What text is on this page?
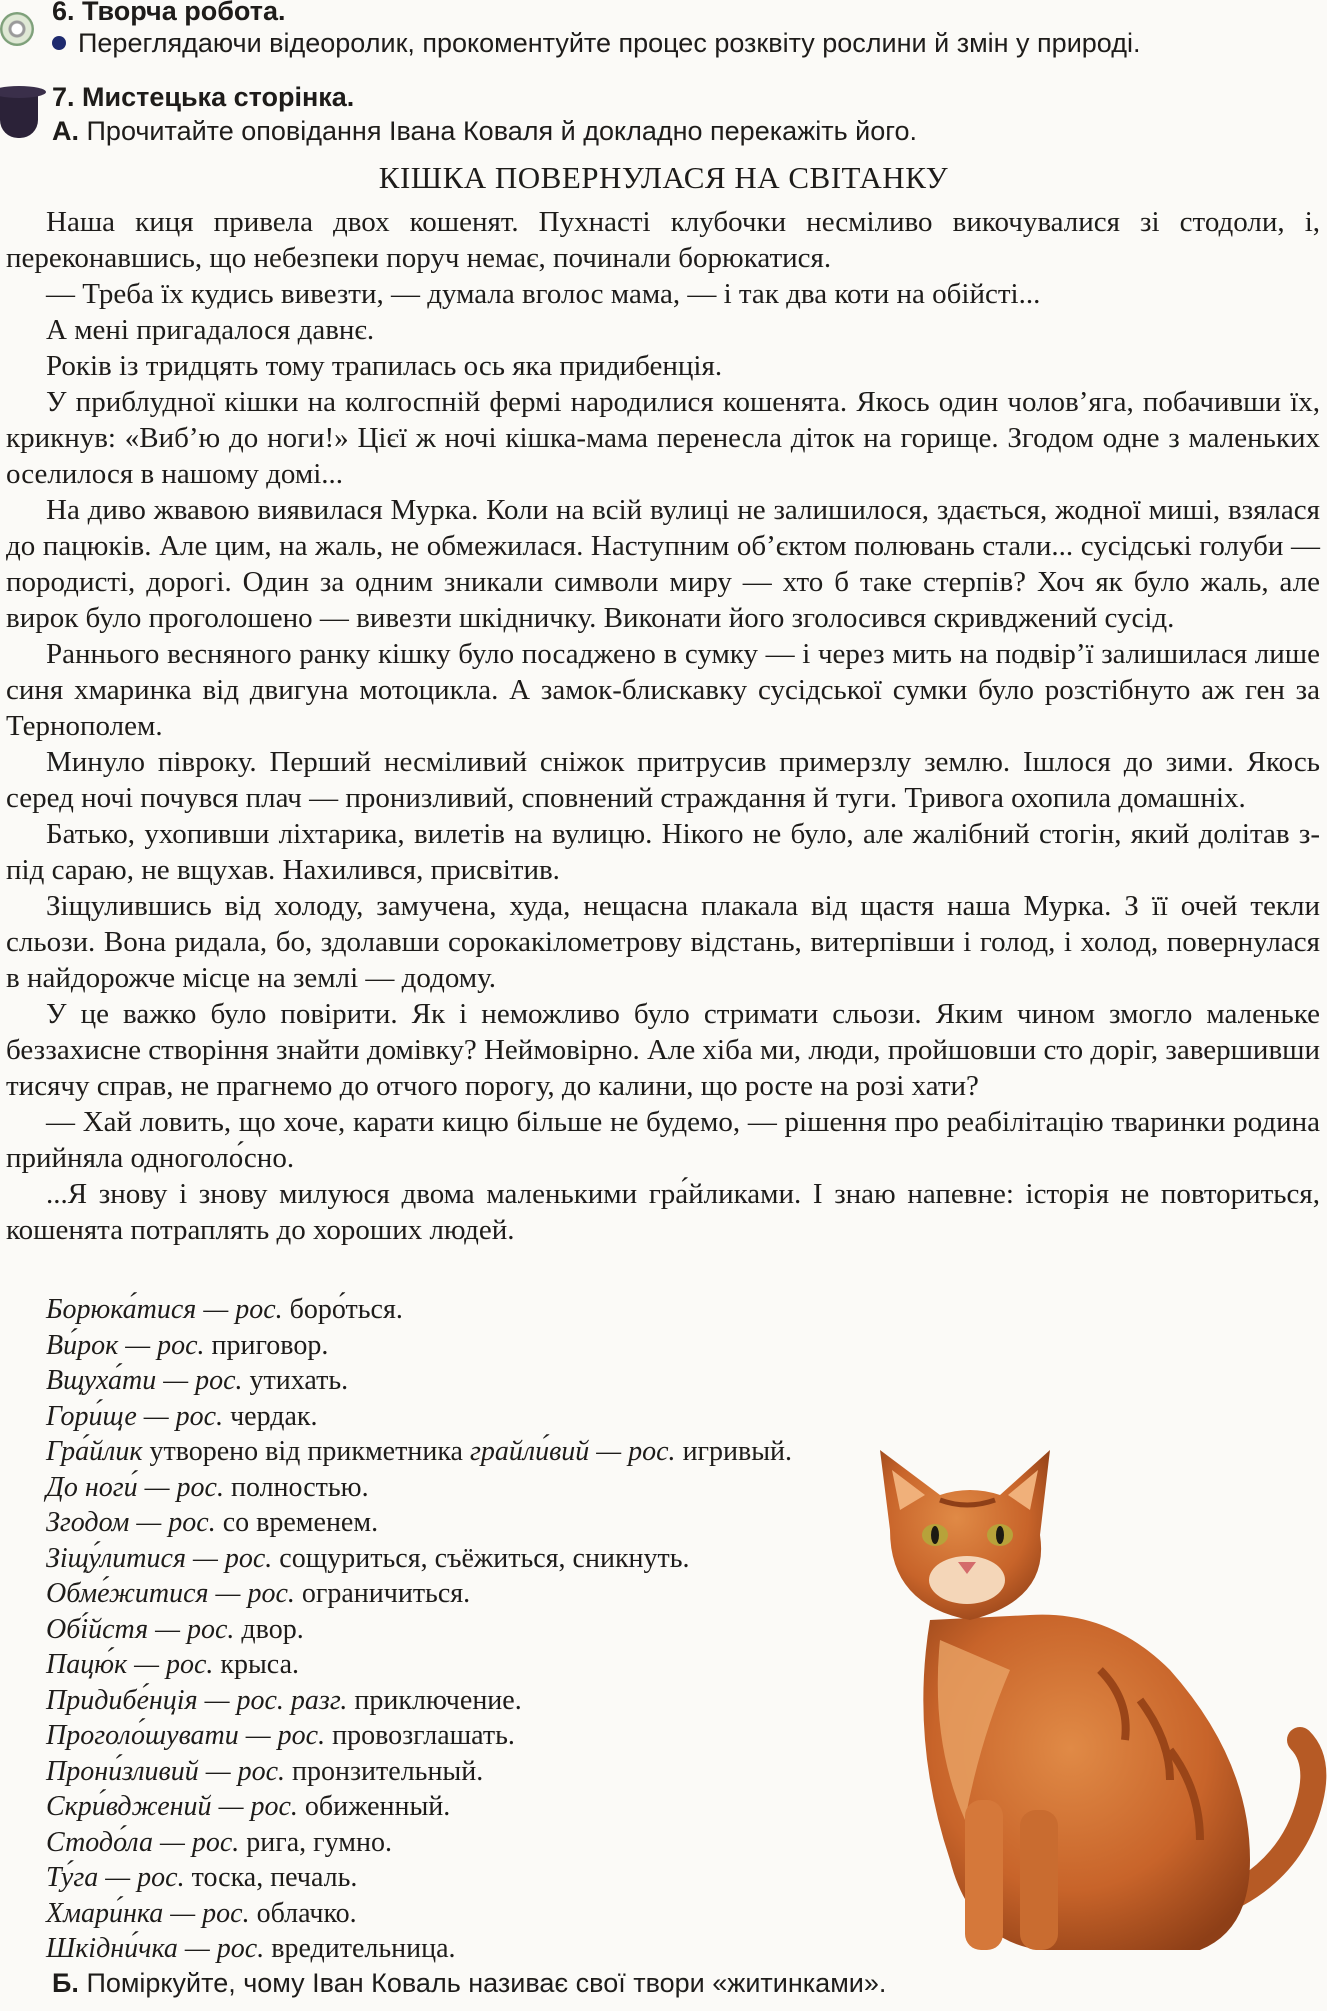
6. Творча робота.
Переглядаючи відеоролик, прокоментуйте процес розквіту рослини й змін у природі.
7. Мистецька сторінка.
А. Прочитайте оповідання Івана Коваля й докладно перекажіть його.
КІШКА ПОВЕРНУЛАСЯ НА СВІТАНКУ

Наша киця привела двох кошенят. Пухнасті клубочки несміливо викочувалися зі стодоли, і, переконавшись, що небезпеки поруч немає, починали борюкатися.

— Треба їх кудись вивезти, — думала вголос мама, — і так два коти на обійсті...

А мені пригадалося давнє.

Років із тридцять тому трапилась ось яка придибенція.

У приблудної кішки на колгоспній фермі народилися кошенята. Якось один чолов’яга, побачивши їх, крикнув: «Виб’ю до ноги!» Цієї ж ночі кішка-мама перенесла діток на горище. Згодом одне з маленьких оселилося в нашому домі...

На диво жвавою виявилася Мурка. Коли на всій вулиці не залишилося, здається, жодної миші, взялася до пацюків. Але цим, на жаль, не обмежилася. Наступним об’єктом полювань стали... сусідські голуби — породисті, дорогі. Один за одним зникали символи миру — хто б таке стерпів? Хоч як було жаль, але вирок було проголошено — вивезти шкідничку. Виконати його зголосився скривджений сусід.

Раннього весняного ранку кішку було посаджено в сумку — і через мить на подвір’ї залишилася лише синя хмаринка від двигуна мотоцикла. А замок-блискавку сусідської сумки було розстібнуто аж ген за Тернополем.

Минуло півроку. Перший несміливий сніжок притрусив примерзлу землю. Ішлося до зими. Якось серед ночі почувся плач — пронизливий, сповнений страждання й туги. Тривога охопила домашніх.

Батько, ухопивши ліхтарика, вилетів на вулицю. Нікого не було, але жалібний стогін, який долітав з-під сараю, не вщухав. Нахилився, присвітив.

Зіщулившись від холоду, замучена, худа, нещасна плакала від щастя наша Мурка. З її очей текли сльози. Вона ридала, бо, здолавши сорокакілометрову відстань, витерпівши і голод, і холод, повернулася в найдорожче місце на землі — додому.

У це важко було повірити. Як і неможливо було стримати сльози. Яким чином змогло маленьке беззахисне створіння знайти домівку? Неймовірно. Але хіба ми, люди, пройшовши сто доріг, завершивши тисячу справ, не прагнемо до отчого порогу, до калини, що росте на розі хати?

— Хай ловить, що хоче, карати кицю більше не будемо, — рішення про реабілітацію тваринки родина прийняла одноголо́сно.

...Я знову і знову милуюся двома маленькими гра́йликами. І знаю напевне: історія не повториться, кошенята потраплять до хороших людей.

Борюка́тися — рос. боро́ться.
Ви́рок — рос. приговор.
Вщуха́ти — рос. утихать.
Гори́ще — рос. чердак.
Гра́йлик утворено від прикметника грайли́вий — рос. игривый.
До ноги́ — рос. полностью.
Згодом — рос. со временем.
Зіщу́литися — рос. сощуриться, съёжиться, сникнуть.
Обме́житися — рос. ограничиться.
Обі́йстя — рос. двор.
Пацю́к — рос. крыса.
Придибе́нція — рос. разг. приключение.
Проголо́шувати — рос. провозглашать.
Прони́зливий — рос. пронзительный.
Скри́вджений — рос. обиженный.
Стодо́ла — рос. рига, гумно.
Ту́га — рос. тоска, печаль.
Хмари́нка — рос. облачко.
Шкідни́чка — рос. вредительница.
Б. Поміркуйте, чому Іван Коваль називає свої твори «житинками».
